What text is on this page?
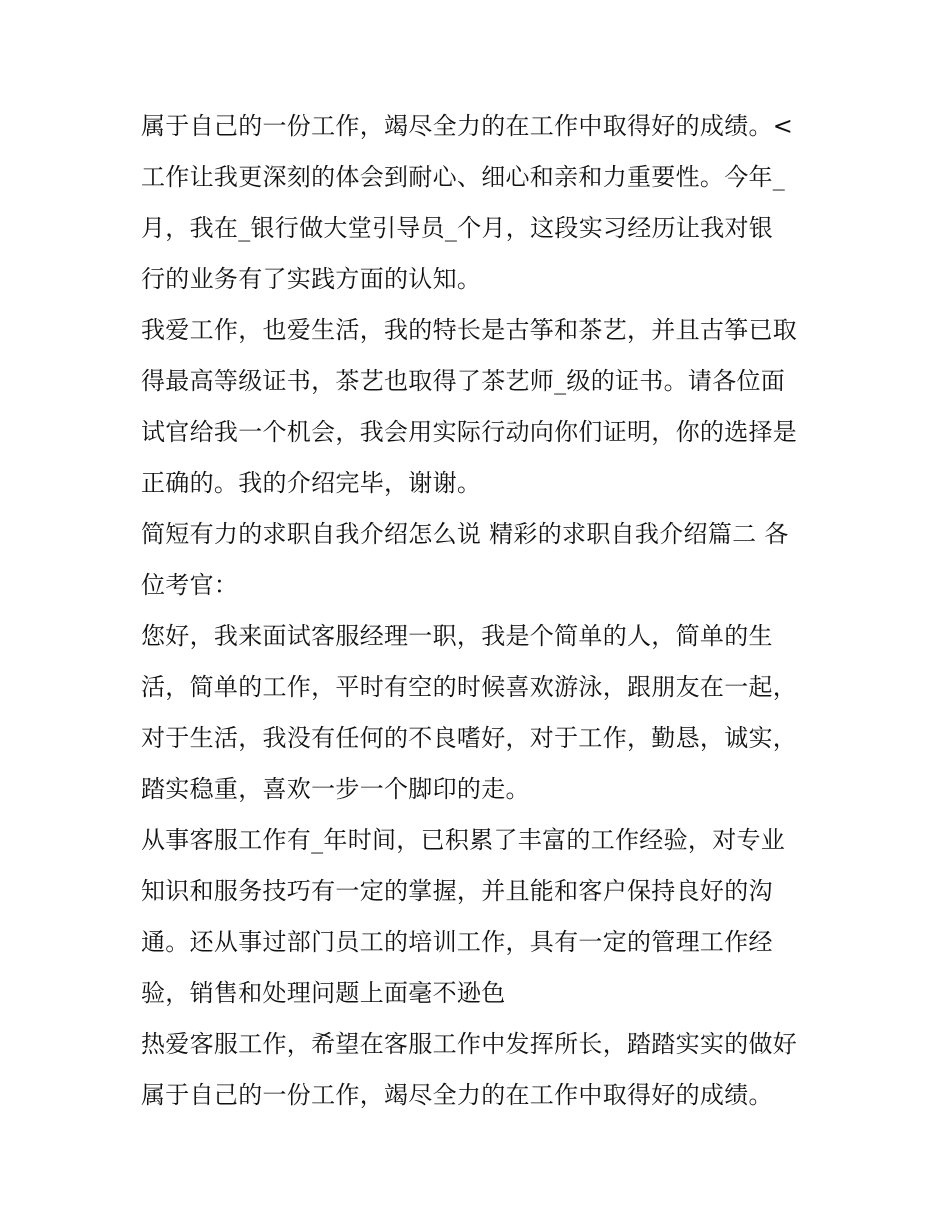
属于自己的一份工作，竭尽全力的在工作中取得好的成绩。<
工作让我更深刻的体会到耐心、细心和亲和力重要性。今年_
月，我在_银行做大堂引导员_个月，这段实习经历让我对银
行的业务有了实践方面的认知。
我爱工作，也爱生活，我的特长是古筝和茶艺，并且古筝已取
得最高等级证书，茶艺也取得了茶艺师_级的证书。请各位面
试官给我一个机会，我会用实际行动向你们证明，你的选择是
正确的。我的介绍完毕，谢谢。
简短有力的求职自我介绍怎么说 精彩的求职自我介绍篇二 各
位考官：
您好，我来面试客服经理一职，我是个简单的人，简单的生
活，简单的工作，平时有空的时候喜欢游泳，跟朋友在一起，
对于生活，我没有任何的不良嗜好，对于工作，勤恳，诚实，
踏实稳重，喜欢一步一个脚印的走。
从事客服工作有_年时间，已积累了丰富的工作经验，对专业
知识和服务技巧有一定的掌握，并且能和客户保持良好的沟
通。还从事过部门员工的培训工作，具有一定的管理工作经
验，销售和处理问题上面毫不逊色
热爱客服工作，希望在客服工作中发挥所长，踏踏实实的做好
属于自己的一份工作，竭尽全力的在工作中取得好的成绩。
